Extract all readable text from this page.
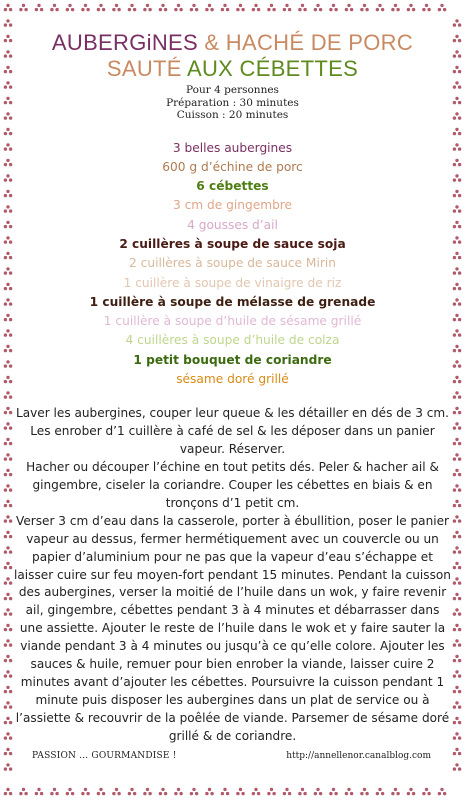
AUBERGiNES & HACHÉ DE PORC
SAUTÉ AUX CÉBETTES
Pour 4 personnes
Préparation : 30 minutes
Cuisson : 20 minutes
3 belles aubergines
600 g d’échine de porc
6 cébettes
3 cm de gingembre
4 gousses d’ail
2 cuillères à soupe de sauce soja
2 cuillères à soupe de sauce Mirin
1 cuillère à soupe de vinaigre de riz
1 cuillère à soupe de mélasse de grenade
1 cuillère à soupe d’huile de sésame grillé
4 cuillères à soupe d’huile de colza
1 petit bouquet de coriandre
sésame doré grillé

Laver les aubergines, couper leur queue & les détailler en dés de 3 cm. Les enrober d’1 cuillère à café de sel & les déposer dans un panier vapeur. Réserver.

Hacher ou découper l’échine en tout petits dés. Peler & hacher ail & gingembre, ciseler la coriandre. Couper les cébettes en biais & en tronçons d’1 petit cm.

Verser 3 cm d’eau dans la casserole, porter à ébullition, poser le panier vapeur au dessus, fermer hermétiquement avec un couvercle ou un papier d’aluminium pour ne pas que la vapeur d’eau s’échappe et laisser cuire sur feu moyen-fort pendant 15 minutes. Pendant la cuisson des aubergines, verser la moitié de l’huile dans un wok, y faire revenir ail, gingembre, cébettes pendant 3 à 4 minutes et débarrasser dans une assiette. Ajouter le reste de l’huile dans le wok et y faire sauter la viande pendant 3 à 4 minutes ou jusqu’à ce qu’elle colore. Ajouter les sauces & huile, remuer pour bien enrober la viande, laisser cuire 2 minutes avant d’ajouter les cébettes. Poursuivre la cuisson pendant 1 minute puis disposer les aubergines dans un plat de service ou à l’assiette & recouvrir de la poêlée de viande. Parsemer de sésame doré grillé & de coriandre.

PASSION … GOURMANDISE !	http://annellenor.canalblog.com
